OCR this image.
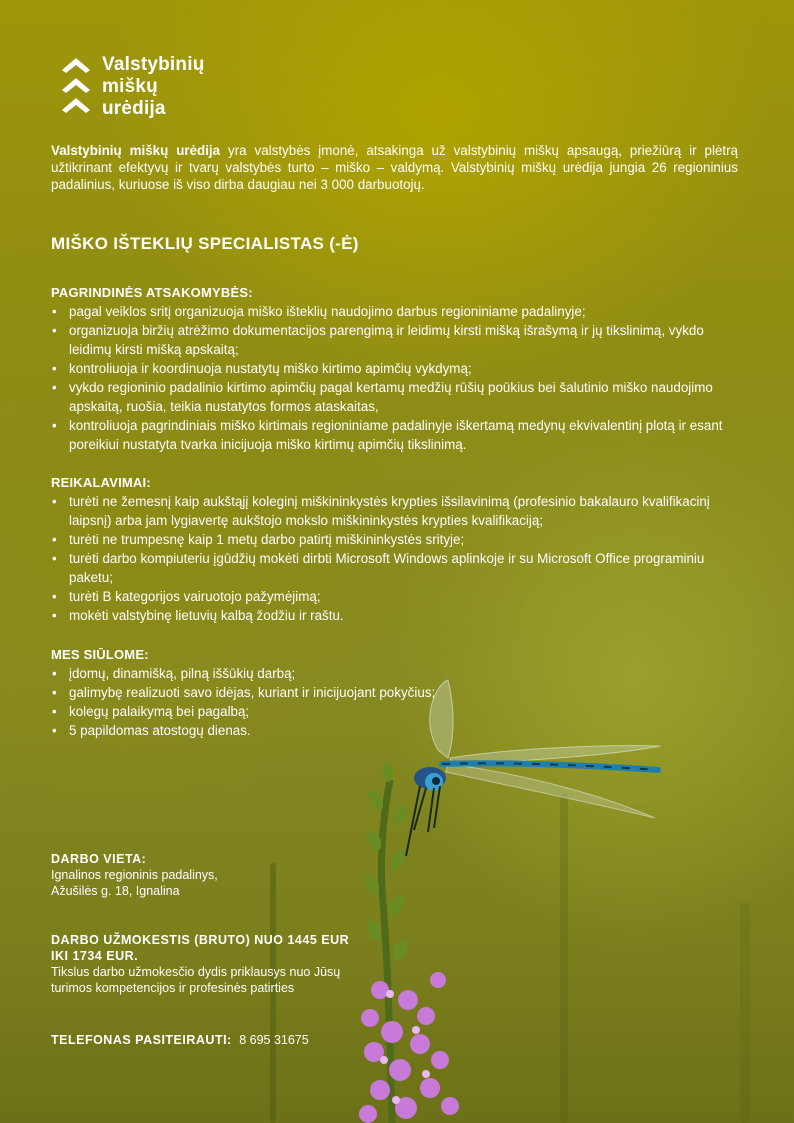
Valstybinių
miškų
urėdija
Valstybinių miškų urėdija yra valstybės įmonė, atsakinga už valstybinių miškų apsaugą, priežiūrą ir plėtrą užtikrinant efektyvų ir tvarų valstybės turto – miško – valdymą. Valstybinių miškų urėdija jungia 26 regioninius padalinius, kuriuose iš viso dirba daugiau nei 3 000 darbuotojų.
MIŠKO IŠTEKLIŲ SPECIALISTAS (-Ė)
PAGRINDINĖS ATSAKOMYBĖS:
• pagal veiklos sritį organizuoja miško išteklių naudojimo darbus regioniniame padalinyje;
• organizuoja biržių atrėžimo dokumentacijos parengimą ir leidimų kirsti mišką išrašymą ir jų tikslinimą, vykdo leidimų kirsti mišką apskaitą;
• kontroliuoja ir koordinuoja nustatytų miško kirtimo apimčių vykdymą;
• vykdo regioninio padalinio kirtimo apimčių pagal kertamų medžių rūšių poūkius bei šalutinio miško naudojimo apskaitą, ruošia, teikia nustatytos formos ataskaitas,
• kontroliuoja pagrindiniais miško kirtimais regioniniame padalinyje iškertamą medynų ekvivalentinį plotą ir esant poreikiui nustatyta tvarka inicijuoja miško kirtimų apimčių tikslinimą.
REIKALAVIMAI:
• turėti ne žemesnį kaip aukštąjį koleginį miškininkystės krypties išsilavinimą (profesinio bakalauro kvalifikacinį laipsnį) arba jam lygiavertę aukštojo mokslo miškininkystės krypties kvalifikaciją;
• turėti ne trumpesnę kaip 1 metų darbo patirtį miškininkystės srityje;
• turėti darbo kompiuteriu įgūdžių mokėti dirbti Microsoft Windows aplinkoje ir su Microsoft Office programiniu paketu;
• turėti B kategorijos vairuotojo pažymėjimą;
• mokėti valstybinę lietuvių kalbą žodžiu ir raštu.
MES SIŪLOME:
• įdomų, dinamišką, pilną iššūkių darbą;
• galimybę realizuoti savo idėjas, kuriant ir inicijuojant pokyčius;
• kolegų palaikymą bei pagalbą;
• 5 papildomas atostogų dienas.
DARBO VIETA:
Ignalinos regioninis padalinys,
Ažušilės g. 18, Ignalina
DARBO UŽMOKESTIS (BRUTO) NUO 1445 EUR
IKI 1734 EUR.
Tikslus darbo užmokesčio dydis priklausys nuo Jūsų
turimos kompetencijos ir profesinės patirties
TELEFONAS PASITEIRAUTI: 8 695 31675
